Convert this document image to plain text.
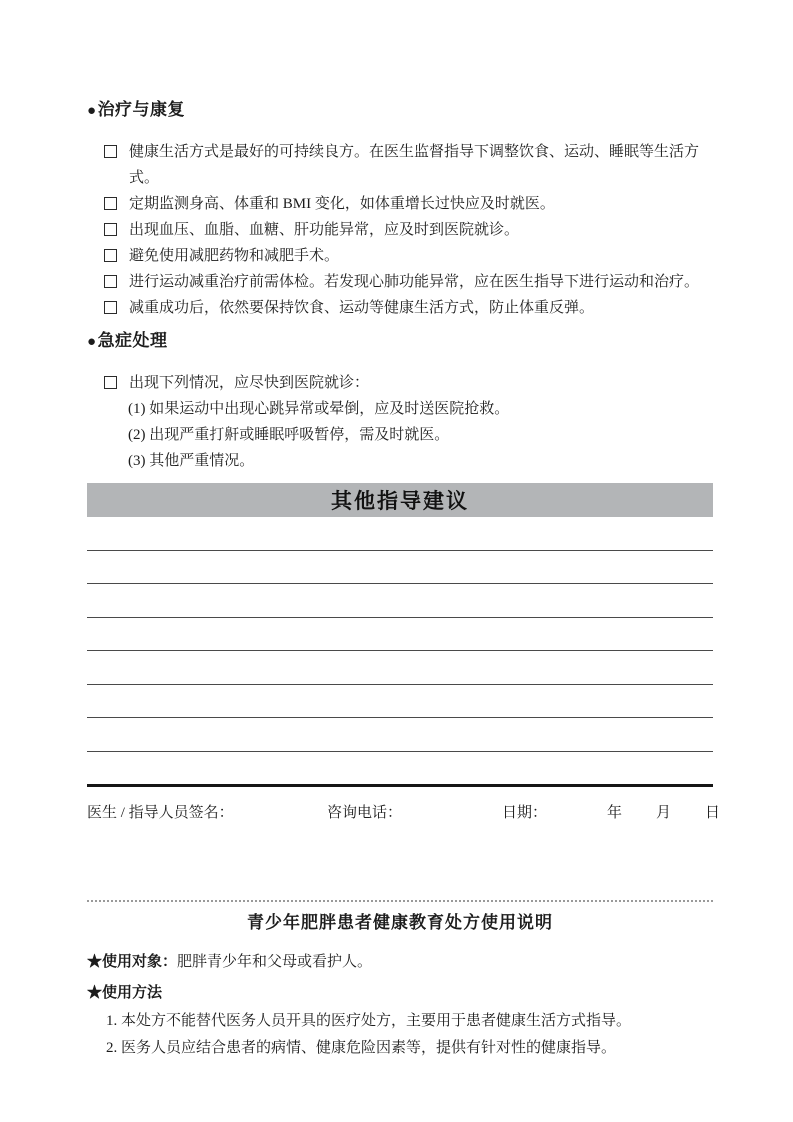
●治疗与康复
健康生活方式是最好的可持续良方。在医生监督指导下调整饮食、运动、睡眠等生活方式。
定期监测身高、体重和 BMI 变化，如体重增长过快应及时就医。
出现血压、血脂、血糖、肝功能异常，应及时到医院就诊。
避免使用减肥药物和减肥手术。
进行运动减重治疗前需体检。若发现心肺功能异常，应在医生指导下进行运动和治疗。
减重成功后，依然要保持饮食、运动等健康生活方式，防止体重反弹。
●急症处理
出现下列情况，应尽快到医院就诊：
(1) 如果运动中出现心跳异常或晕倒，应及时送医院抢救。
(2) 出现严重打鼾或睡眠呼吸暂停，需及时就医。
(3) 其他严重情况。
其他指导建议
医生 / 指导人员签名：	咨询电话：	日期：	年 月 日
青少年肥胖患者健康教育处方使用说明
★使用对象：肥胖青少年和父母或看护人。
★使用方法
1. 本处方不能替代医务人员开具的医疗处方，主要用于患者健康生活方式指导。
2. 医务人员应结合患者的病情、健康危险因素等，提供有针对性的健康指导。
